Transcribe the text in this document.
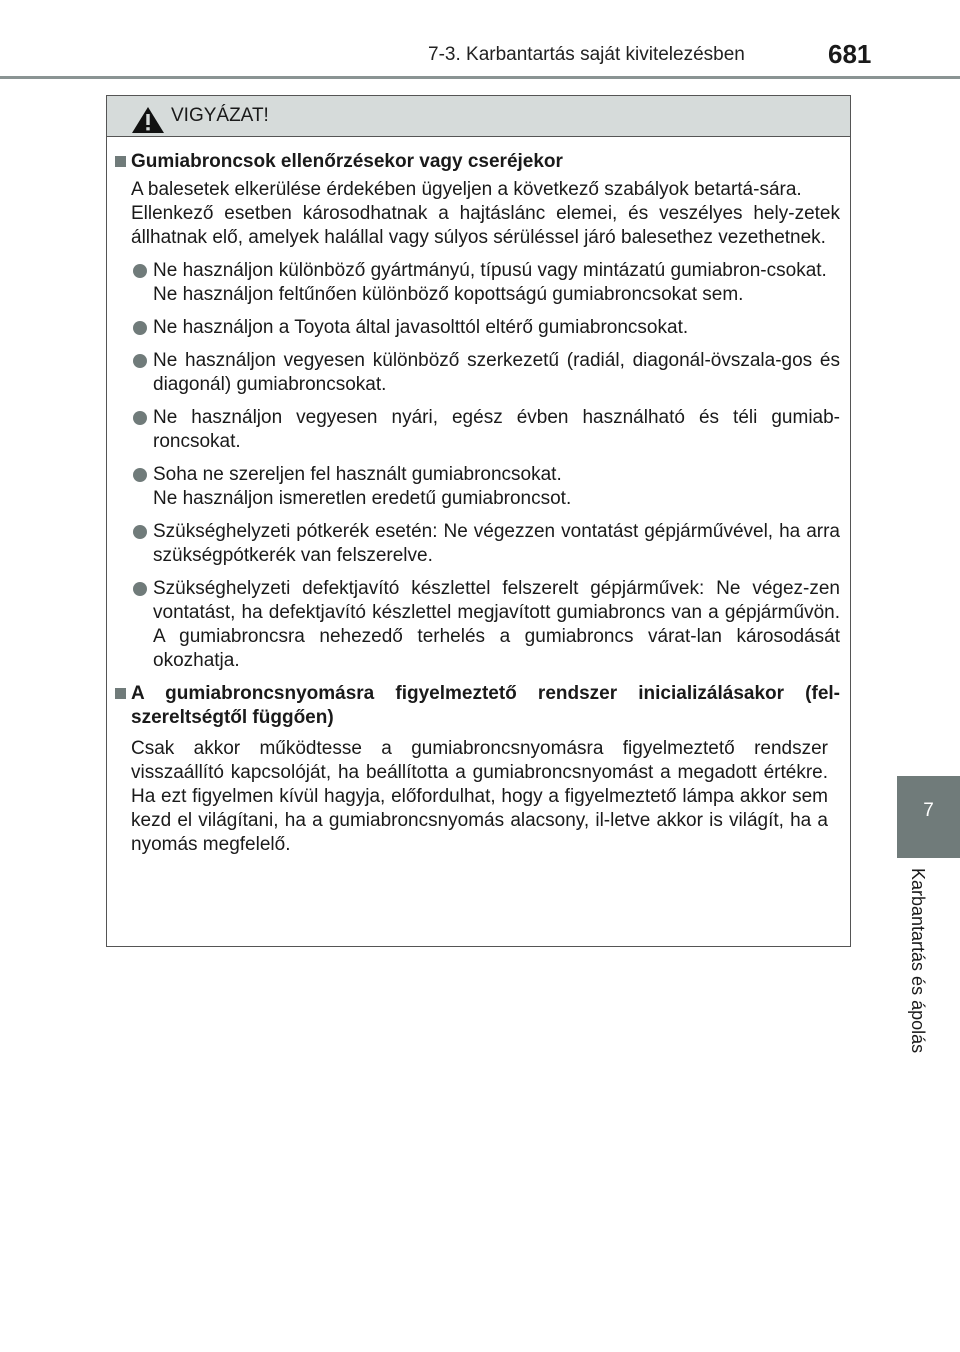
7-3. Karbantartás saját kivitelezésben	681
7
Karbantartás és ápolás
VIGYÁZAT!
Gumiabroncsok ellenőrzésekor vagy cseréjekor
A balesetek elkerülése érdekében ügyeljen a következő szabályok betartá-sára.
Ellenkező esetben károsodhatnak a hajtáslánc elemei, és veszélyes hely-zetek állhatnak elő, amelyek halállal vagy súlyos sérüléssel járó balesethez vezethetnek.
Ne használjon különböző gyártmányú, típusú vagy mintázatú gumiabron-csokat.
Ne használjon feltűnően különböző kopottságú gumiabroncsokat sem.
Ne használjon a Toyota által javasolttól eltérő gumiabroncsokat.
Ne használjon vegyesen különböző szerkezetű (radiál, diagonál-övszala-gos és diagonál) gumiabroncsokat.
Ne használjon vegyesen nyári, egész évben használható és téli gumiab-roncsokat.
Soha ne szereljen fel használt gumiabroncsokat.
Ne használjon ismeretlen eredetű gumiabroncsot.
Szükséghelyzeti pótkerék esetén: Ne végezzen vontatást gépjárművével, ha arra szükségpótkerék van felszerelve.
Szükséghelyzeti defektjavító készlettel felszerelt gépjárművek: Ne végez-zen vontatást, ha defektjavító készlettel megjavított gumiabroncs van a gépjárművön. A gumiabroncsra nehezedő terhelés a gumiabroncs várat-lan károsodását okozhatja.
A gumiabroncsnyomásra figyelmeztető rendszer inicializálásakor (fel-szereltségtől függően)
Csak akkor működtesse a gumiabroncsnyomásra figyelmeztető rendszer visszaállító kapcsolóját, ha beállította a gumiabroncsnyomást a megadott értékre. Ha ezt figyelmen kívül hagyja, előfordulhat, hogy a figyelmeztető lámpa akkor sem kezd el világítani, ha a gumiabroncsnyomás alacsony, il-letve akkor is világít, ha a nyomás megfelelő.
